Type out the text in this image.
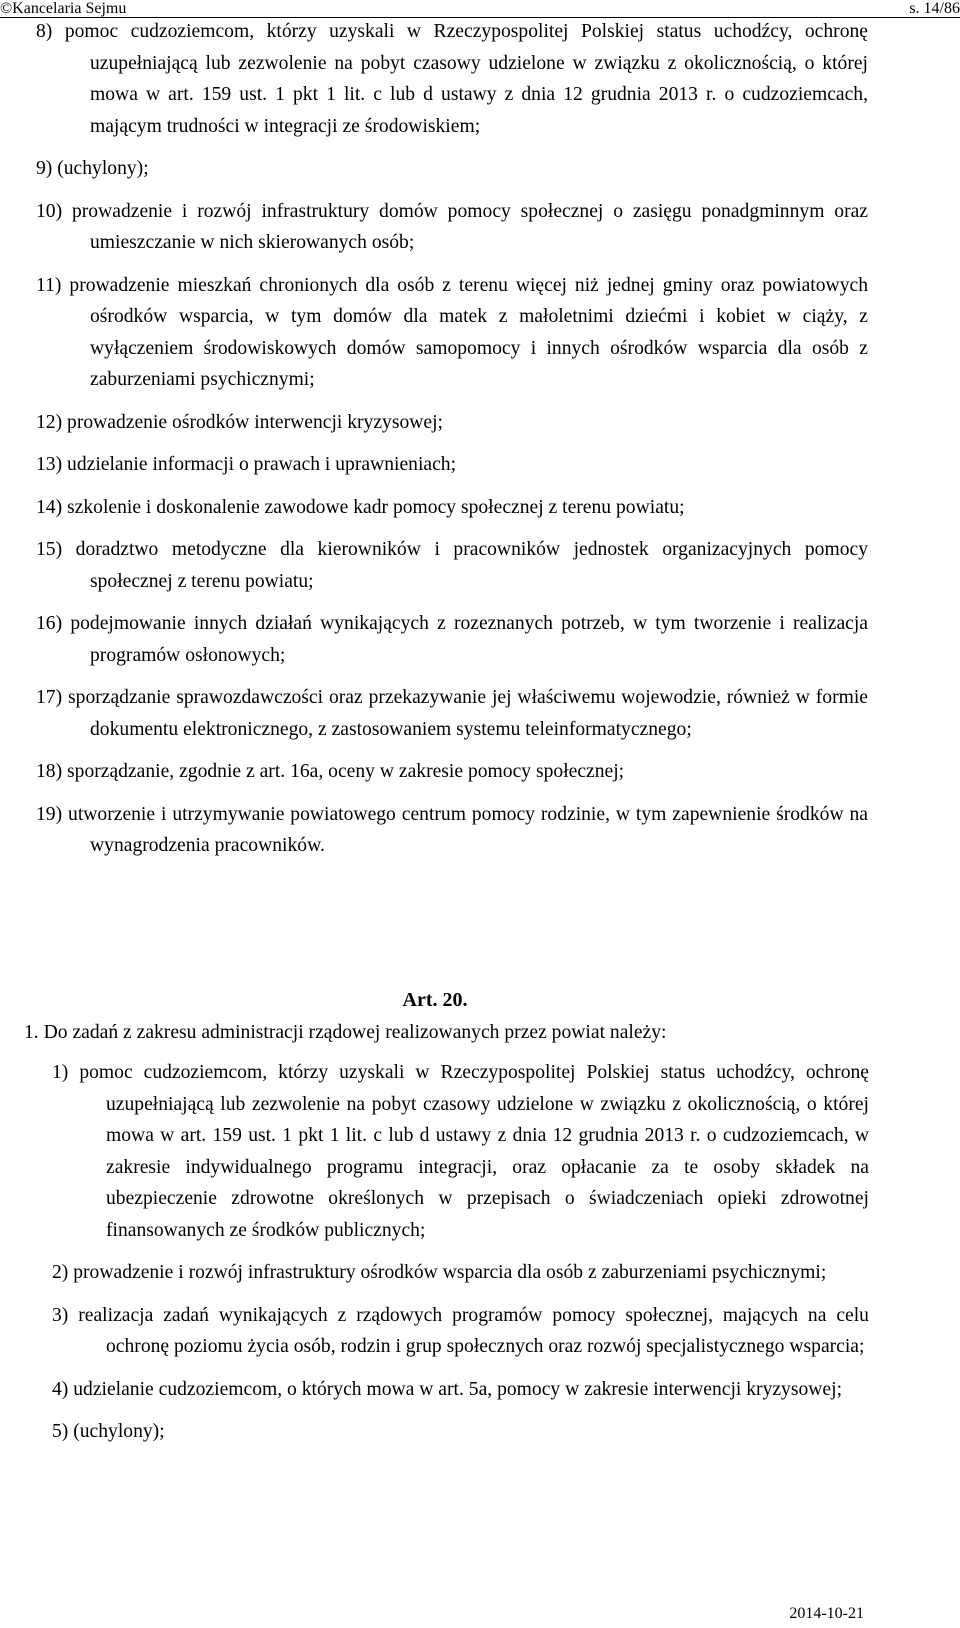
©Kancelaria Sejmu	s. 14/86
8) pomoc cudzoziemcom, którzy uzyskali w Rzeczypospolitej Polskiej status uchodźcy, ochronę uzupełniającą lub zezwolenie na pobyt czasowy udzielone w związku z okolicznością, o której mowa w art. 159 ust. 1 pkt 1 lit. c lub d ustawy z dnia 12 grudnia 2013 r. o cudzoziemcach, mającym trudności w integracji ze środowiskiem;
9) (uchylony);
10) prowadzenie i rozwój infrastruktury domów pomocy społecznej o zasięgu ponadgminnym oraz umieszczanie w nich skierowanych osób;
11) prowadzenie mieszkań chronionych dla osób z terenu więcej niż jednej gminy oraz powiatowych ośrodków wsparcia, w tym domów dla matek z małoletnimi dziećmi i kobiet w ciąży, z wyłączeniem środowiskowych domów samopomocy i innych ośrodków wsparcia dla osób z zaburzeniami psychicznymi;
12) prowadzenie ośrodków interwencji kryzysowej;
13) udzielanie informacji o prawach i uprawnieniach;
14) szkolenie i doskonalenie zawodowe kadr pomocy społecznej z terenu powiatu;
15) doradztwo metodyczne dla kierowników i pracowników jednostek organizacyjnych pomocy społecznej z terenu powiatu;
16) podejmowanie innych działań wynikających z rozeznanych potrzeb, w tym tworzenie i realizacja programów osłonowych;
17) sporządzanie sprawozdawczości oraz przekazywanie jej właściwemu wojewodzie, również w formie dokumentu elektronicznego, z zastosowaniem systemu teleinformatycznego;
18) sporządzanie, zgodnie z art. 16a, oceny w zakresie pomocy społecznej;
19) utworzenie i utrzymywanie powiatowego centrum pomocy rodzinie, w tym zapewnienie środków na wynagrodzenia pracowników.
Art. 20.
1. Do zadań z zakresu administracji rządowej realizowanych przez powiat należy:
1) pomoc cudzoziemcom, którzy uzyskali w Rzeczypospolitej Polskiej status uchodźcy, ochronę uzupełniającą lub zezwolenie na pobyt czasowy udzielone w związku z okolicznością, o której mowa w art. 159 ust. 1 pkt 1 lit. c lub d ustawy z dnia 12 grudnia 2013 r. o cudzoziemcach, w zakresie indywidualnego programu integracji, oraz opłacanie za te osoby składek na ubezpieczenie zdrowotne określonych w przepisach o świadczeniach opieki zdrowotnej finansowanych ze środków publicznych;
2) prowadzenie i rozwój infrastruktury ośrodków wsparcia dla osób z zaburzeniami psychicznymi;
3) realizacja zadań wynikających z rządowych programów pomocy społecznej, mających na celu ochronę poziomu życia osób, rodzin i grup społecznych oraz rozwój specjalistycznego wsparcia;
4) udzielanie cudzoziemcom, o których mowa w art. 5a, pomocy w zakresie interwencji kryzysowej;
5) (uchylony);
2014-10-21
